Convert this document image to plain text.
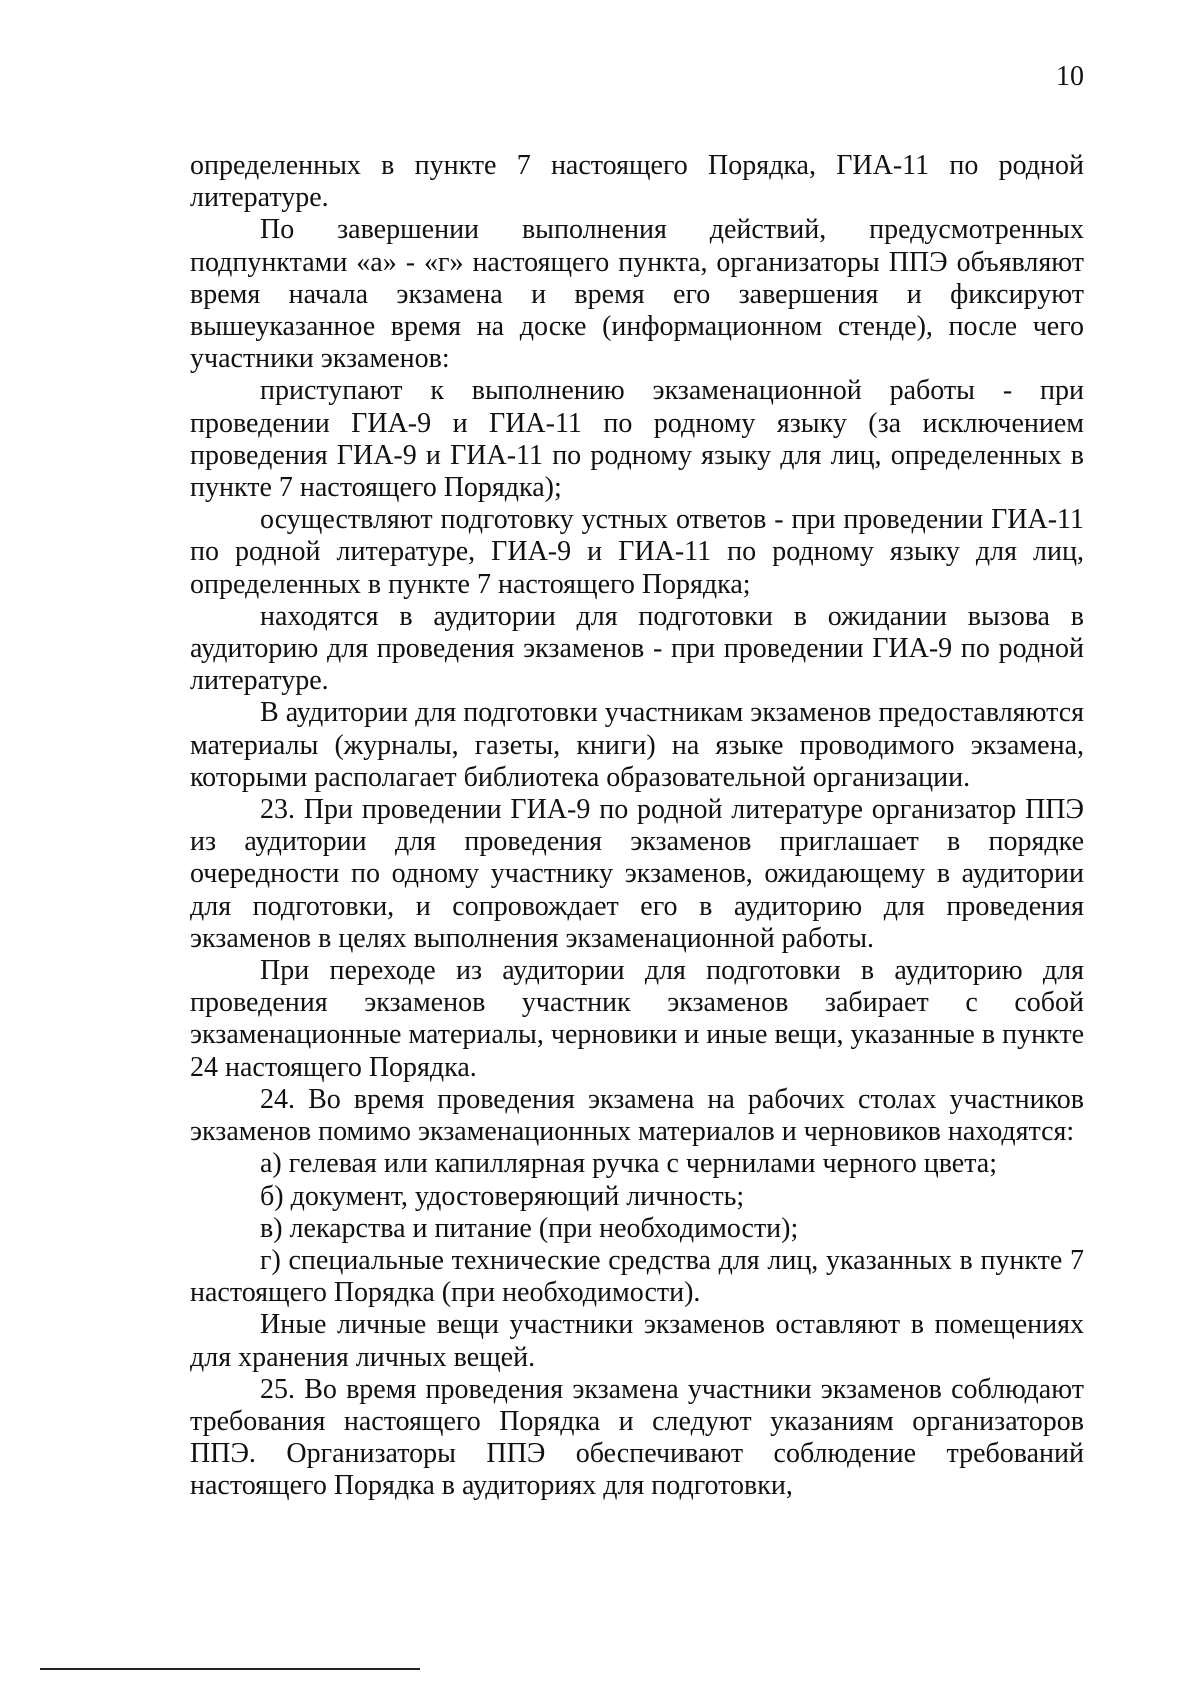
10

определенных в пункте 7 настоящего Порядка, ГИА-11 по родной литературе.

По завершении выполнения действий, предусмотренных подпунктами «а» - «г» настоящего пункта, организаторы ППЭ объявляют время начала экзамена и время его завершения и фиксируют вышеуказанное время на доске (информационном стенде), после чего участники экзаменов:

приступают к выполнению экзаменационной работы - при проведении ГИА-9 и ГИА-11 по родному языку (за исключением проведения ГИА-9 и ГИА-11 по родному языку для лиц, определенных в пункте 7 настоящего Порядка);

осуществляют подготовку устных ответов - при проведении ГИА-11 по родной литературе, ГИА-9 и ГИА-11 по родному языку для лиц, определенных в пункте 7 настоящего Порядка;

находятся в аудитории для подготовки в ожидании вызова в аудиторию для проведения экзаменов - при проведении ГИА-9 по родной литературе.

В аудитории для подготовки участникам экзаменов предоставляются материалы (журналы, газеты, книги) на языке проводимого экзамена, которыми располагает библиотека образовательной организации.

23. При проведении ГИА-9 по родной литературе организатор ППЭ из аудитории для проведения экзаменов приглашает в порядке очередности по одному участнику экзаменов, ожидающему в аудитории для подготовки, и сопровождает его в аудиторию для проведения экзаменов в целях выполнения экзаменационной работы.

При переходе из аудитории для подготовки в аудиторию для проведения экзаменов участник экзаменов забирает с собой экзаменационные материалы, черновики и иные вещи, указанные в пункте 24 настоящего Порядка.

24. Во время проведения экзамена на рабочих столах участников экзаменов помимо экзаменационных материалов и черновиков находятся:

а) гелевая или капиллярная ручка с чернилами черного цвета;

б) документ, удостоверяющий личность;

в) лекарства и питание (при необходимости);

г) специальные технические средства для лиц, указанных в пункте 7 настоящего Порядка (при необходимости).

Иные личные вещи участники экзаменов оставляют в помещениях для хранения личных вещей.

25. Во время проведения экзамена участники экзаменов соблюдают требования настоящего Порядка и следуют указаниям организаторов ППЭ. Организаторы ППЭ обеспечивают соблюдение требований настоящего Порядка в аудиториях для подготовки,
